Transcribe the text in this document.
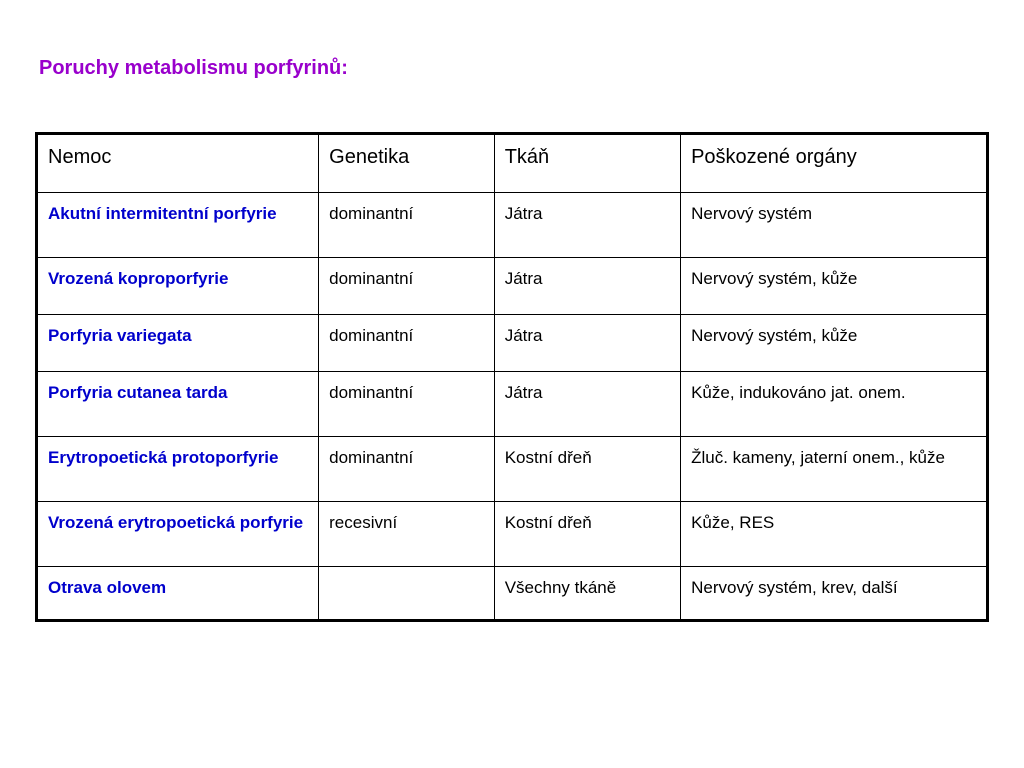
Poruchy metabolismu porfyrinů:
Nemoc	Genetika	Tkáň	Poškozené orgány
Akutní intermitentní porfyrie	dominantní	Játra	Nervový systém
Vrozená koproporfyrie	dominantní	Játra	Nervový systém, kůže
Porfyria variegata	dominantní	Játra	Nervový systém, kůže
Porfyria cutanea tarda	dominantní	Játra	Kůže, indukováno jat. onem.
Erytropoetická protoporfyrie	dominantní	Kostní dřeň	Žluč. kameny, jaterní onem., kůže
Vrozená erytropoetická porfyrie	recesivní	Kostní dřeň	Kůže, RES
Otrava olovem		Všechny tkáně	Nervový systém, krev, další
